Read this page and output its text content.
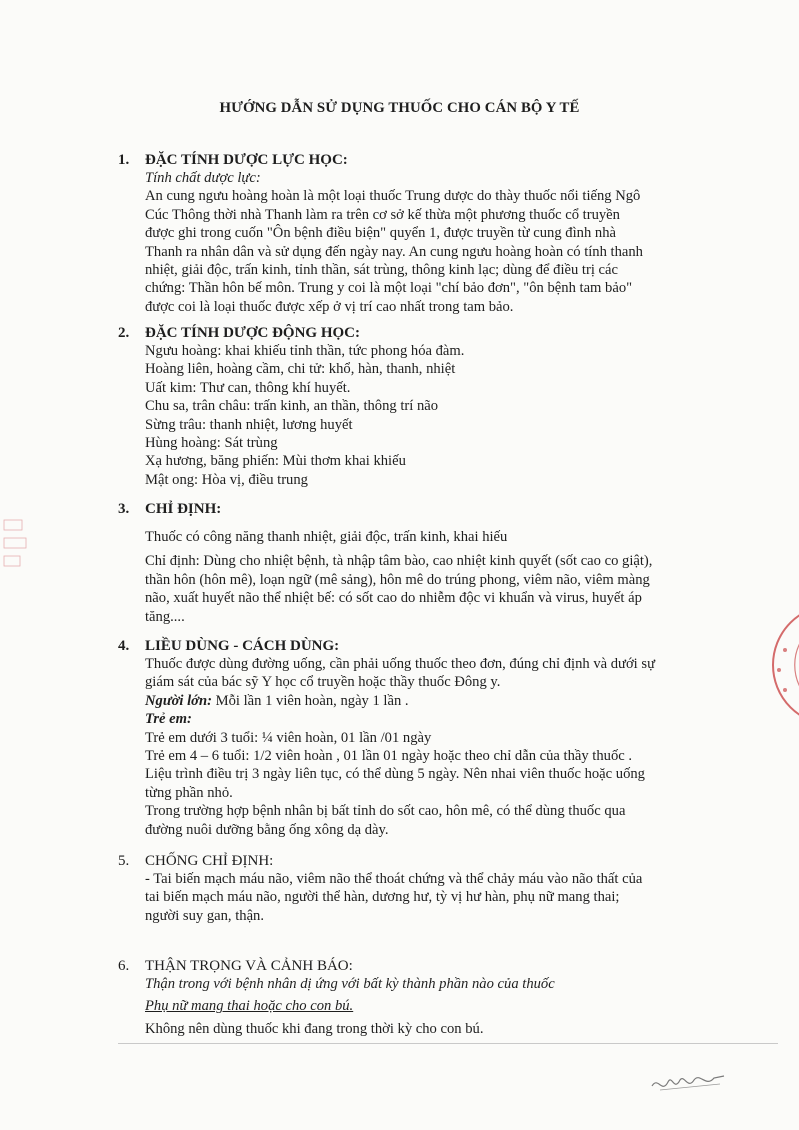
HƯỚNG DẪN SỬ DỤNG THUỐC CHO CÁN BỘ Y TẾ
1.	ĐẶC TÍNH DƯỢC LỰC HỌC:

Tính chất dược lực:

An cung ngưu hoàng hoàn là một loại thuốc Trung dược do thày thuốc nổi tiếng Ngô

Cúc Thông thời nhà Thanh làm ra trên cơ sở kế thừa một phương thuốc cổ truyền

được ghi trong cuốn "Ôn bệnh điều biện" quyển 1, được truyền từ cung đình nhà

Thanh ra nhân dân và sử dụng đến ngày nay. An cung ngưu hoàng hoàn có tính thanh

nhiệt, giải độc, trấn kinh, tỉnh thần, sát trùng, thông kinh lạc; dùng để điều trị các

chứng: Thần hôn bế môn. Trung y coi là một loại "chí bảo đơn", "ôn bệnh tam bảo"

được coi là loại thuốc được xếp ở vị trí cao nhất trong tam bảo.

2.	ĐẶC TÍNH DƯỢC ĐỘNG HỌC:

Ngưu hoàng: khai khiếu tỉnh thần, tức phong hóa đàm.

Hoàng liên, hoàng cầm, chi tử: khổ, hàn, thanh, nhiệt

Uất kim: Thư can, thông khí huyết.

Chu sa, trân châu: trấn kinh, an thần, thông trí não

Sừng trâu: thanh nhiệt, lương huyết

Hùng hoàng: Sát trùng

Xạ hương, băng phiến: Mùi thơm khai khiếu

Mật ong: Hòa vị, điều trung

3.	CHỈ ĐỊNH:

Thuốc có công năng thanh nhiệt, giải độc, trấn kinh, khai hiếu

Chỉ định: Dùng cho nhiệt bệnh, tà nhập tâm bào, cao nhiệt kinh quyết (sốt cao co giật),

thần hôn (hôn mê), loạn ngữ (mê sảng), hôn mê do trúng phong, viêm não, viêm màng

não, xuất huyết não thể nhiệt bế: có sốt cao do nhiễm độc vi khuẩn và virus, huyết áp

tăng....

4.	LIỀU DÙNG - CÁCH DÙNG:

Thuốc được dùng đường uống, cần phải uống thuốc theo đơn, đúng chỉ định và dưới sự

giám sát của bác sỹ Y học cổ truyền hoặc thầy thuốc Đông y.

Người lớn: Mỗi lần 1 viên hoàn, ngày 1 lần .

Trẻ em:

Trẻ em dưới 3 tuổi: ¼ viên hoàn, 01 lần /01 ngày

Trẻ em 4 – 6 tuổi: 1/2 viên hoàn , 01 lần 01 ngày hoặc theo chỉ dẫn của thầy thuốc .

Liệu trình điều trị 3 ngày liên tục, có thể dùng 5 ngày. Nên nhai viên thuốc hoặc uống

từng phần nhỏ.

Trong trường hợp bệnh nhân bị bất tỉnh do sốt cao, hôn mê, có thể dùng thuốc qua

đường nuôi dưỡng bằng ống xông dạ dày.

5.	CHỐNG CHỈ ĐỊNH:

- Tai biến mạch máu não, viêm não thể thoát chứng và thể chảy máu vào não thất của

tai biến mạch máu não, người thể hàn, dương hư, tỳ vị hư hàn, phụ nữ mang thai;

người suy gan, thận.

6.	THẬN TRỌNG VÀ CẢNH BÁO:

Thận trong với bệnh nhân dị ứng với bất kỳ thành phần nào của thuốc

Phụ nữ mang thai hoặc cho con bú.

Không nên dùng thuốc khi đang trong thời kỳ cho con bú.
